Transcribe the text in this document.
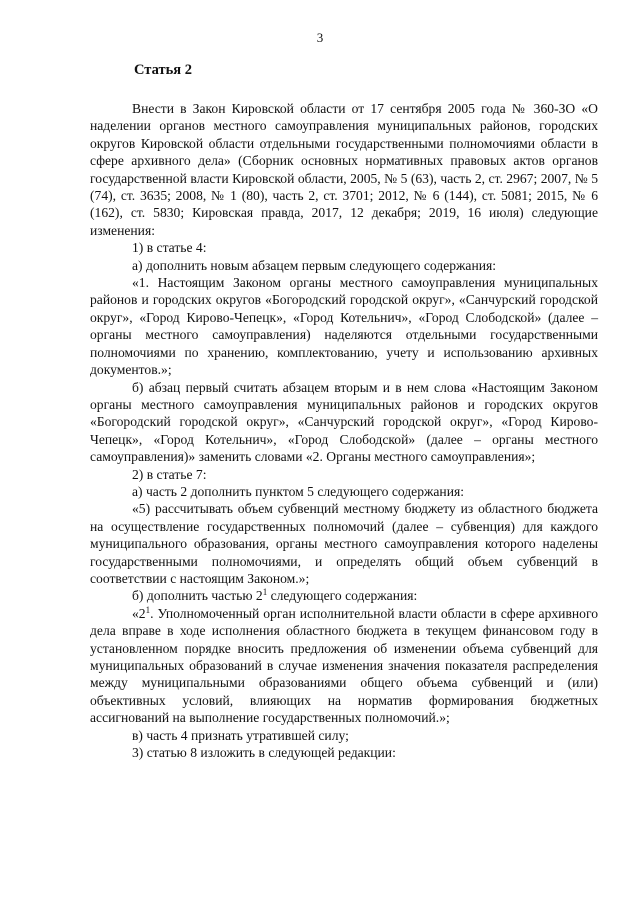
3
Статья 2

Внести в Закон Кировской области от 17 сентября 2005 года № 360-ЗО «О наделении органов местного самоуправления муниципальных районов, городских округов Кировской области отдельными государственными полномочиями области в сфере архивного дела» (Сборник основных нормативных правовых актов органов государственной власти Кировской области, 2005, № 5 (63), часть 2, ст. 2967; 2007, № 5 (74), ст. 3635; 2008, № 1 (80), часть 2, ст. 3701; 2012, № 6 (144), ст. 5081; 2015, № 6 (162), ст. 5830; Кировская правда, 2017, 12 декабря; 2019, 16 июля) следующие изменения:

1) в статье 4:

а) дополнить новым абзацем первым следующего содержания:

«1. Настоящим Законом органы местного самоуправления муниципальных районов и городских округов «Богородский городской округ», «Санчурский городской округ», «Город Кирово-Чепецк», «Город Котельнич», «Город Слободской» (далее – органы местного самоуправления) наделяются отдельными государственными полномочиями по хранению, комплектованию, учету и использованию архивных документов.»;

б) абзац первый считать абзацем вторым и в нем слова «Настоящим Законом органы местного самоуправления муниципальных районов и городских округов «Богородский городской округ», «Санчурский городской округ», «Город Кирово-Чепецк», «Город Котельнич», «Город Слободской» (далее – органы местного самоуправления)» заменить словами «2. Органы местного самоуправления»;

2) в статье 7:

а) часть 2 дополнить пунктом 5 следующего содержания:

«5) рассчитывать объем субвенций местному бюджету из областного бюджета на осуществление государственных полномочий (далее – субвенция) для каждого муниципального образования, органы местного самоуправления которого наделены государственными полномочиями, и определять общий объем субвенций в соответствии с настоящим Законом.»;

б) дополнить частью $2^1$ следующего содержания:

«$2^1$. Уполномоченный орган исполнительной власти области в сфере архивного дела вправе в ходе исполнения областного бюджета в текущем финансовом году в установленном порядке вносить предложения об изменении объема субвенций для муниципальных образований в случае изменения значения показателя распределения между муниципальными образованиями общего объема субвенций и (или) объективных условий, влияющих на норматив формирования бюджетных ассигнований на выполнение государственных полномочий.»;

в) часть 4 признать утратившей силу;

3) статью 8 изложить в следующей редакции:
